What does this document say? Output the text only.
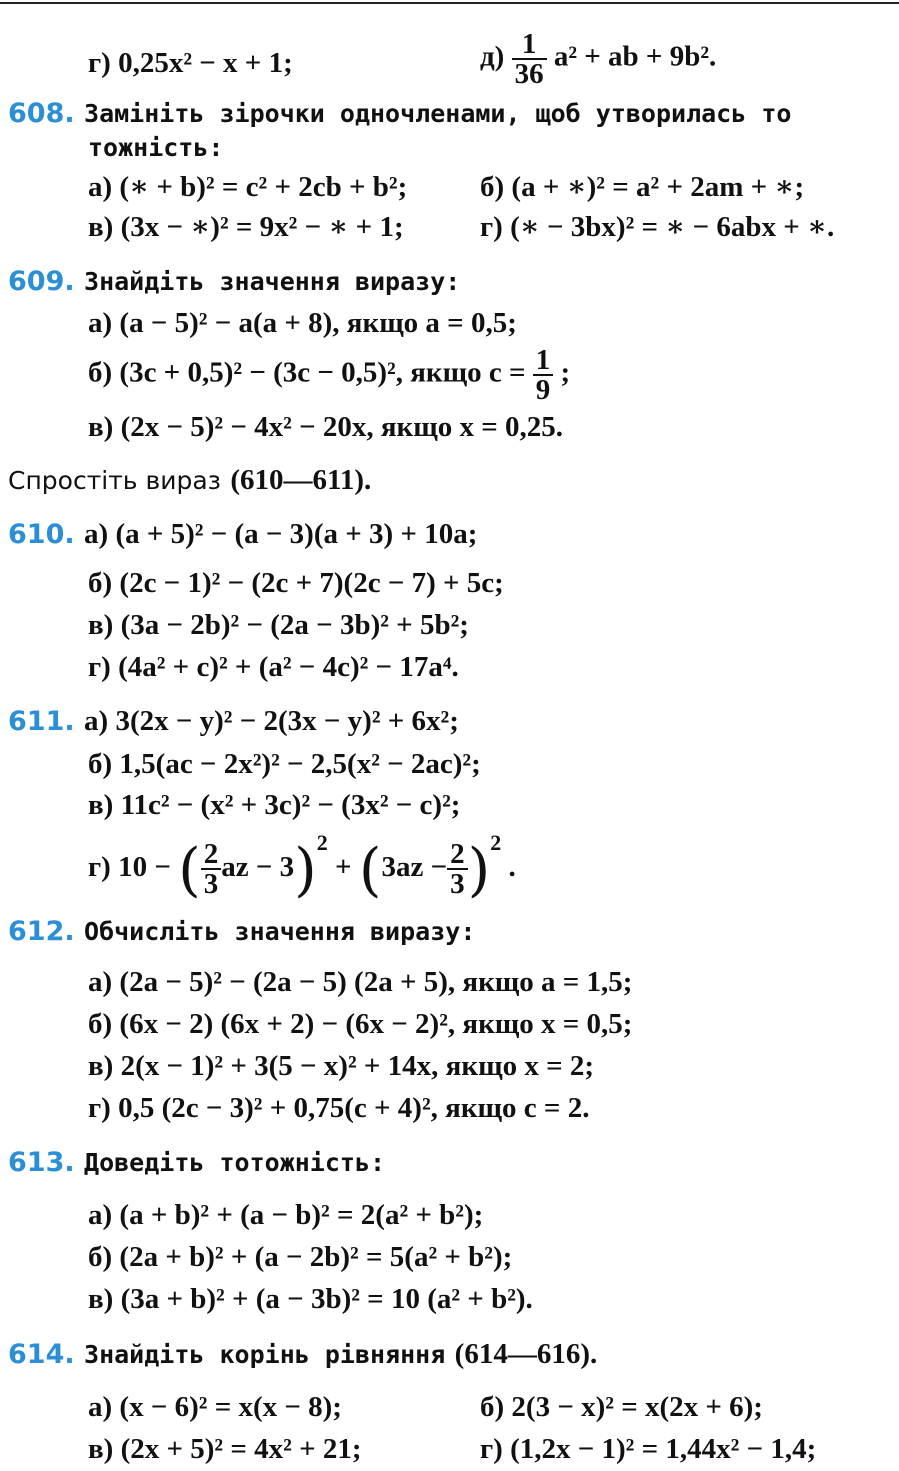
г) 0,25x² − x + 1;	$д) \frac{1}{36} a^2$ + ab + 9b².
608. Замініть зірочки одночленами, щоб утворилась то
тожність:
а) (∗ + b)² = c² + 2cb + b²;	б) (a + ∗)² = a² + 2am + ∗;
в) (3x − ∗)² = 9x² − ∗ + 1;	г) (∗ − 3bx)² = ∗ − 6abx + ∗.
609. Знайдіть значення виразу:
а) (a − 5)² − a(a + 8), якщо a = 0,5;
б) (3c + 0,5)² − (3c − 0,5)², якщо $c = \frac{1}{9}$ ;
в) (2x − 5)² − 4x² − 20x, якщо x = 0,25.
Спростіть вираз (610—611).
610. а) (a + 5)² − (a − 3)(a + 3) + 10a;
б) (2c − 1)² − (2c + 7)(2c − 7) + 5c;
в) (3a − 2b)² − (2a − 3b)² + 5b²;
г) (4a² + c)² + (a² − 4c)² − 17a⁴.
611. а) 3(2x − y)² − 2(3x − y)² + 6x²;
б) 1,5(ac − 2x²)² − 2,5(x² − 2ac)²;
в) 11c² − (x² + 3c)² − (3x² − c)²;
г) 10 − ( $\frac{2}{3}$ az − $3)^2 + (3az - \frac{2}{3} )^2$ .
612. Обчисліть значення виразу:
а) (2a − 5)² − (2a − 5) (2a + 5), якщо a = 1,5;
б) (6x − 2) (6x + 2) − (6x − 2)², якщо x = 0,5;
в) 2(x − 1)² + 3(5 − x)² + 14x, якщо x = 2;
г) 0,5 (2c − 3)² + 0,75(c + 4)², якщо c = 2.
613. Доведіть тотожність:
а) (a + b)² + (a − b)² = 2(a² + b²);
б) (2a + b)² + (a − 2b)² = 5(a² + b²);
в) (3a + b)² + (a − 3b)² = 10 (a² + b²).
614. Знайдіть корінь рівняння (614—616).
а) (x − 6)² = x(x − 8);	б) 2(3 − x)² = x(2x + 6);
в) (2x + 5)² = 4x² + 21;	г) (1,2x − 1)² = 1,44x² − 1,4;
